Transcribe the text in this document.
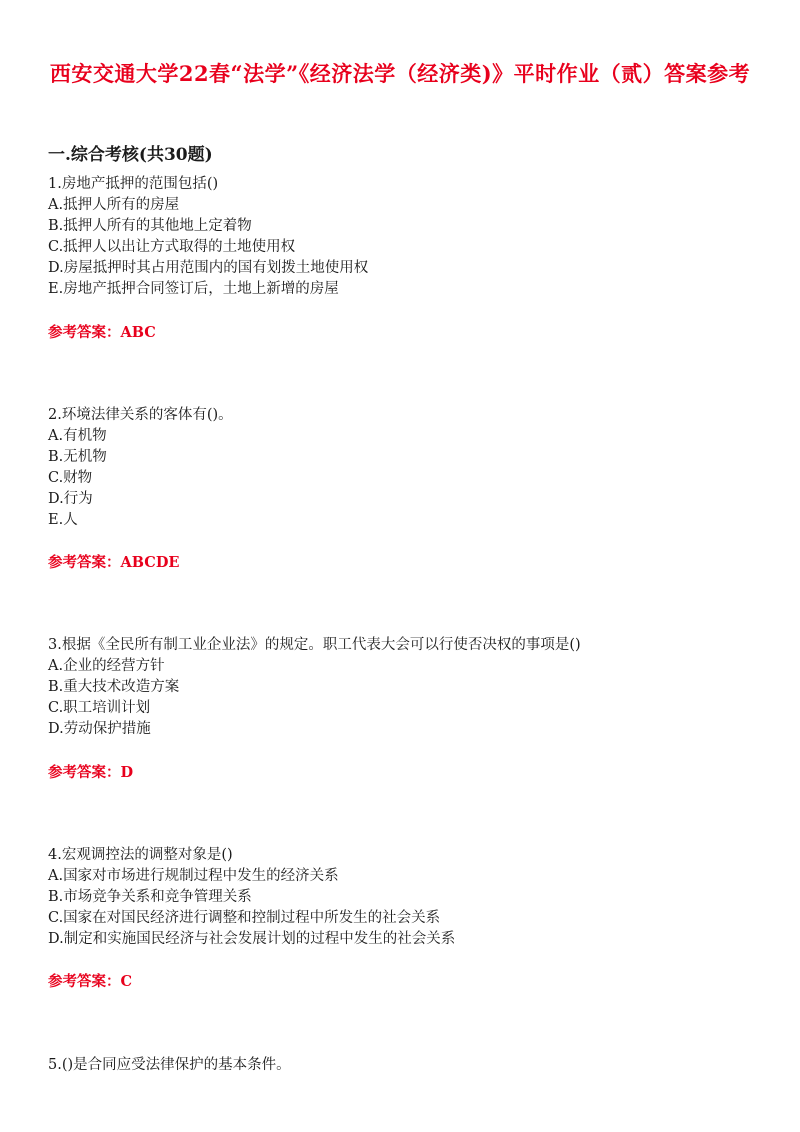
西安交通大学22春“法学”《经济法学（经济类)》平时作业（贰）答案参考
一.综合考核(共30题)
1.房地产抵押的范围包括()
A.抵押人所有的房屋
B.抵押人所有的其他地上定着物
C.抵押人以出让方式取得的土地使用权
D.房屋抵押时其占用范围内的国有划拨土地使用权
E.房地产抵押合同签订后，土地上新增的房屋
参考答案：ABC
2.环境法律关系的客体有()。
A.有机物
B.无机物
C.财物
D.行为
E.人
参考答案：ABCDE
3.根据《全民所有制工业企业法》的规定。职工代表大会可以行使否决权的事项是()
A.企业的经营方针
B.重大技术改造方案
C.职工培训计划
D.劳动保护措施
参考答案：D
4.宏观调控法的调整对象是()
A.国家对市场进行规制过程中发生的经济关系
B.市场竞争关系和竞争管理关系
C.国家在对国民经济进行调整和控制过程中所发生的社会关系
D.制定和实施国民经济与社会发展计划的过程中发生的社会关系
参考答案：C
5.()是合同应受法律保护的基本条件。
